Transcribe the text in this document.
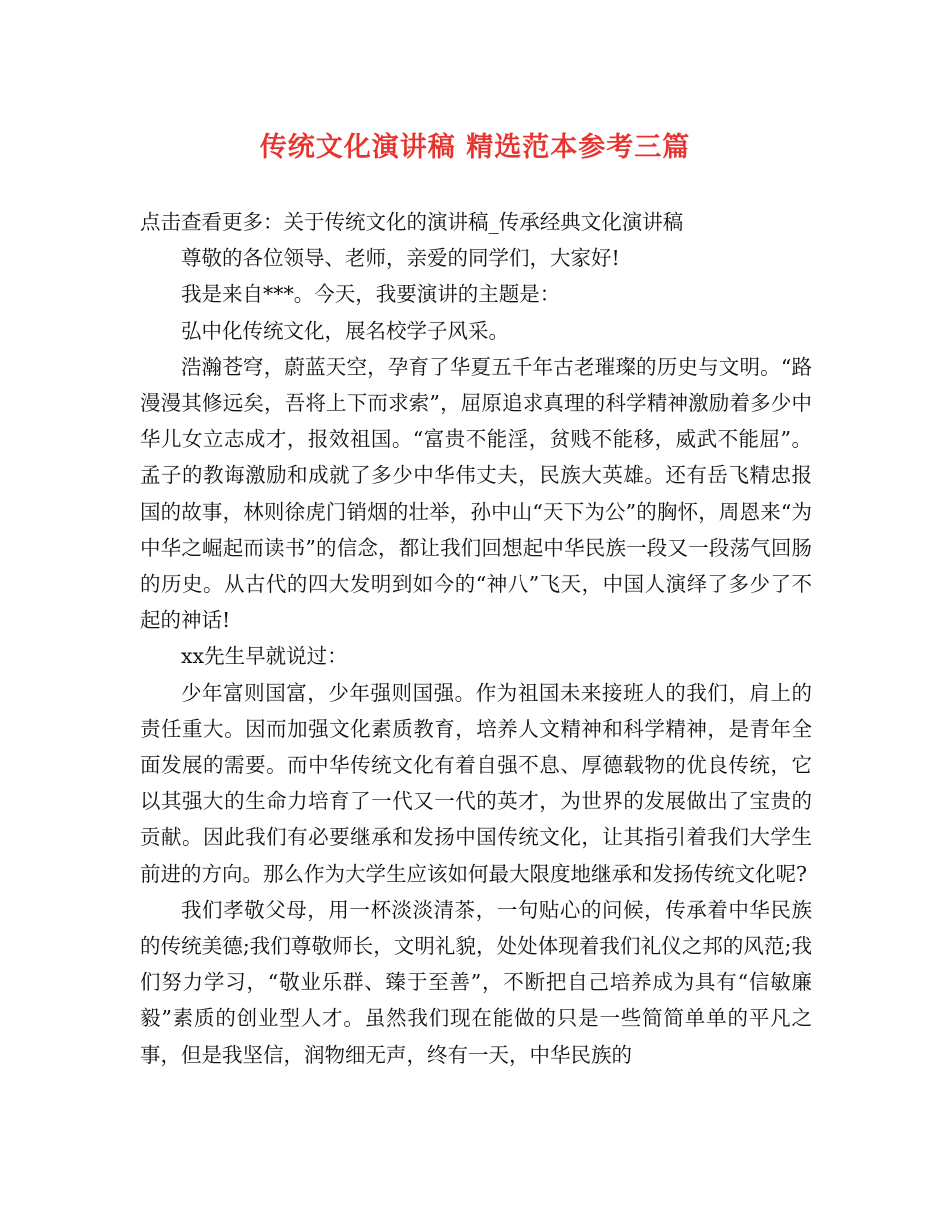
传统文化演讲稿 精选范本参考三篇

点击查看更多：关于传统文化的演讲稿_传承经典文化演讲稿

尊敬的各位领导、老师，亲爱的同学们，大家好!

我是来自***。今天，我要演讲的主题是：

弘中化传统文化，展名校学子风采。

浩瀚苍穹，蔚蓝天空，孕育了华夏五千年古老璀璨的历史与文明。“路漫漫其修远矣，吾将上下而求索”，屈原追求真理的科学精神激励着多少中华儿女立志成才，报效祖国。“富贵不能淫，贫贱不能移，威武不能屈”。孟子的教诲激励和成就了多少中华伟丈夫，民族大英雄。还有岳飞精忠报国的故事，林则徐虎门销烟的壮举，孙中山“天下为公”的胸怀，周恩来“为中华之崛起而读书”的信念，都让我们回想起中华民族一段又一段荡气回肠的历史。从古代的四大发明到如今的“神八”飞天，中国人演绎了多少了不起的神话!

xx先生早就说过：

少年富则国富，少年强则国强。作为祖国未来接班人的我们，肩上的责任重大。因而加强文化素质教育，培养人文精神和科学精神，是青年全面发展的需要。而中华传统文化有着自强不息、厚德载物的优良传统，它以其强大的生命力培育了一代又一代的英才，为世界的发展做出了宝贵的贡献。因此我们有必要继承和发扬中国传统文化，让其指引着我们大学生前进的方向。那么作为大学生应该如何最大限度地继承和发扬传统文化呢?

我们孝敬父母，用一杯淡淡清茶，一句贴心的问候，传承着中华民族的传统美德;我们尊敬师长，文明礼貌，处处体现着我们礼仪之邦的风范;我们努力学习，“敬业乐群、臻于至善”，不断把自己培养成为具有“信敏廉毅”素质的创业型人才。虽然我们现在能做的只是一些简简单单的平凡之事，但是我坚信，润物细无声，终有一天，中华民族的
